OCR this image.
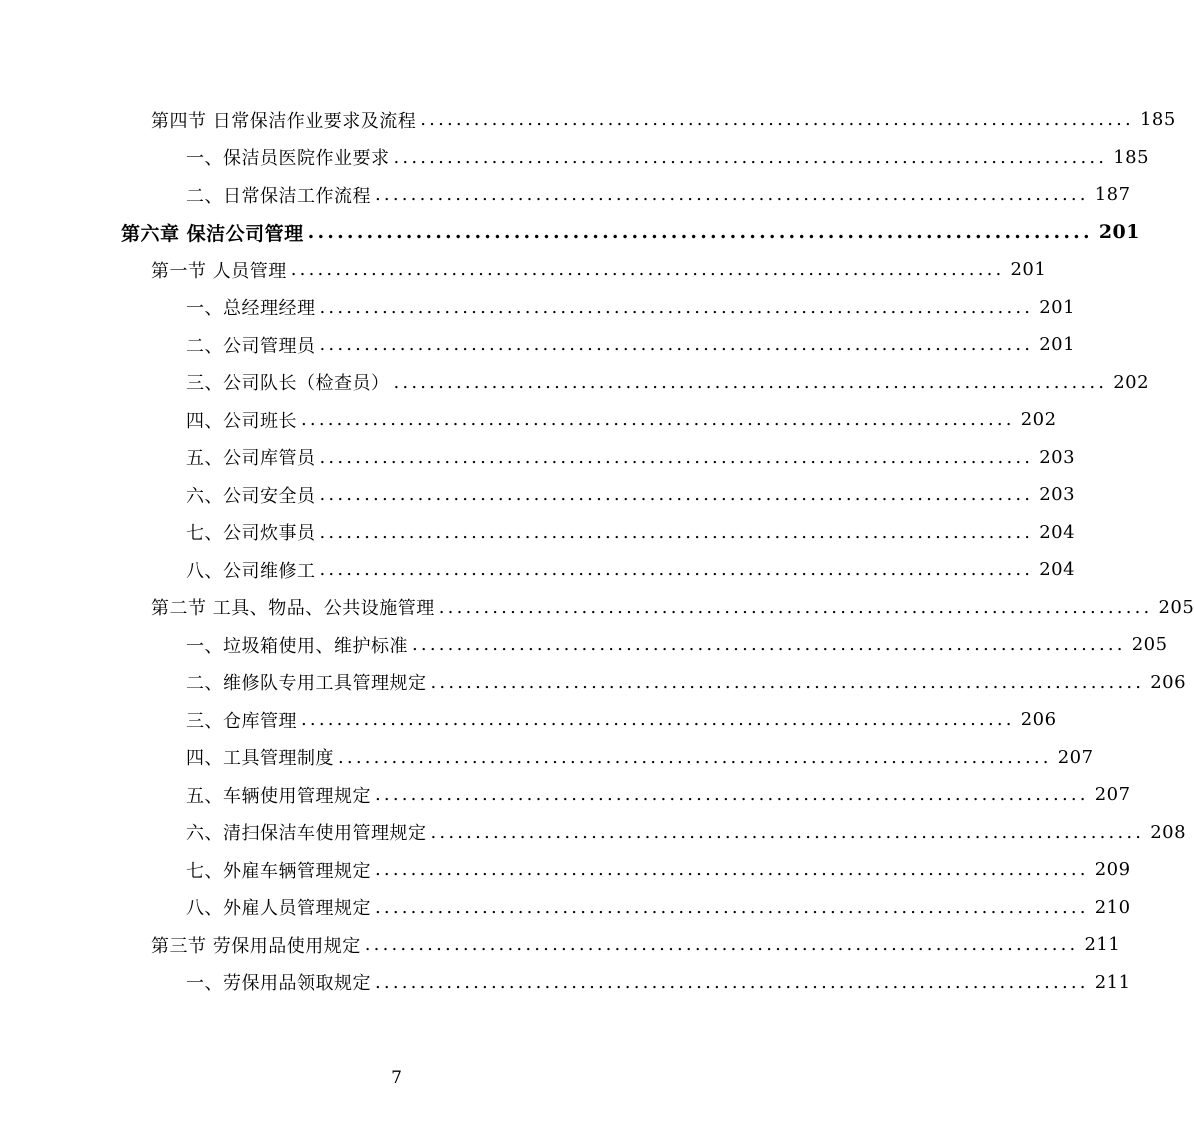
第四节 日常保洁作业要求及流程 ................................................................................ 185
一、保洁员医院作业要求 ................................................................................ 185
二、日常保洁工作流程 ................................................................................ 187
第六章 保洁公司管理 ................................................................................ 201
第一节 人员管理 ................................................................................ 201
一、总经理经理 ................................................................................ 201
二、公司管理员 ................................................................................ 201
三、公司队长（检查员） ................................................................................ 202
四、公司班长 ................................................................................ 202
五、公司库管员 ................................................................................ 203
六、公司安全员 ................................................................................ 203
七、公司炊事员 ................................................................................ 204
八、公司维修工 ................................................................................ 204
第二节 工具、物品、公共设施管理 ................................................................................ 205
一、垃圾箱使用、维护标准 ................................................................................ 205
二、维修队专用工具管理规定 ................................................................................ 206
三、仓库管理 ................................................................................ 206
四、工具管理制度 ................................................................................ 207
五、车辆使用管理规定 ................................................................................ 207
六、清扫保洁车使用管理规定 ................................................................................ 208
七、外雇车辆管理规定 ................................................................................ 209
八、外雇人员管理规定 ................................................................................ 210
第三节 劳保用品使用规定 ................................................................................ 211
一、劳保用品领取规定 ................................................................................ 211
7
